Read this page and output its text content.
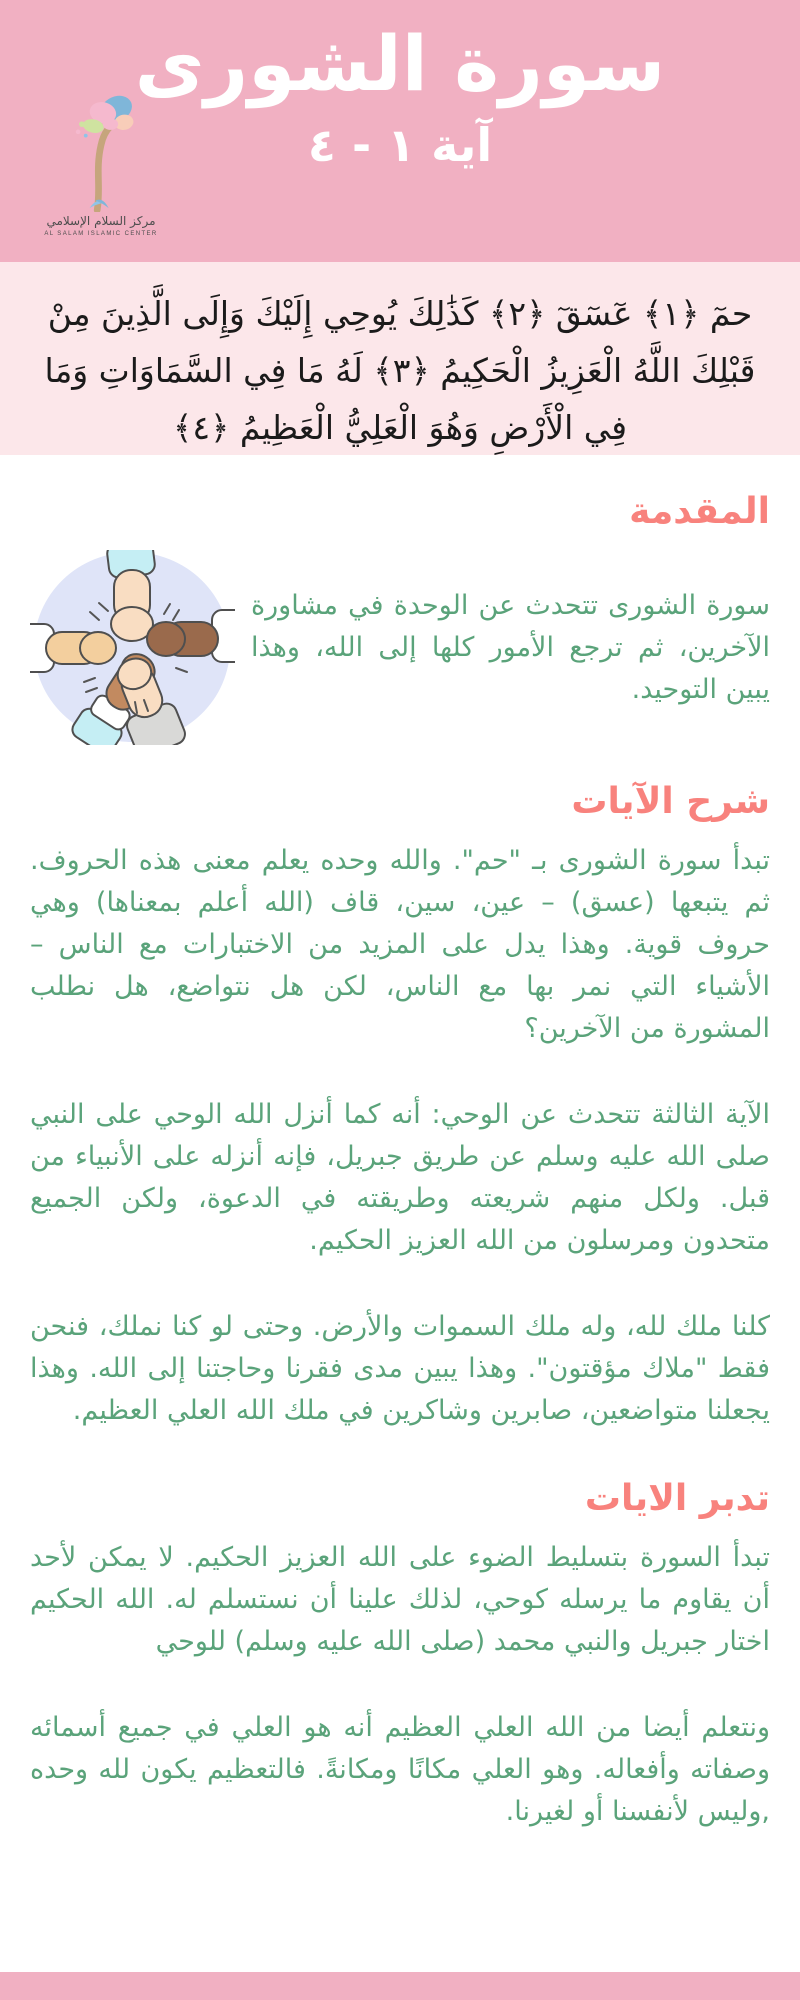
سورة الشورى
آية ١ - ٤
مركز السلام الإسلامي
AL SALAM ISLAMIC CENTER
حمٓ ﴿١﴾ عٓسٓقٓ ﴿٢﴾ كَذَٰلِكَ يُوحِي إِلَيْكَ وَإِلَى الَّذِينَ مِنْ قَبْلِكَ اللَّهُ الْعَزِيزُ الْحَكِيمُ ﴿٣﴾ لَهُ مَا فِي السَّمَاوَاتِ وَمَا فِي الْأَرْضِ وَهُوَ الْعَلِيُّ الْعَظِيمُ ﴿٤﴾
المقدمة

سورة الشورى تتحدث عن الوحدة في مشاورة الآخرين، ثم ترجع الأمور كلها إلى الله، وهذا يبين التوحيد.

شرح الآيات

تبدأ سورة الشورى بـ "حم". والله وحده يعلم معنى هذه الحروف. ثم يتبعها (عسق) – عين، سين، قاف (الله أعلم بمعناها) وهي حروف قوية. وهذا يدل على المزيد من الاختبارات مع الناس – الأشياء التي نمر بها مع الناس، لكن هل نتواضع، هل نطلب المشورة من الآخرين؟

الآية الثالثة تتحدث عن الوحي: أنه كما أنزل الله الوحي على النبي صلى الله عليه وسلم عن طريق جبريل، فإنه أنزله على الأنبياء من قبل. ولكل منهم شريعته وطريقته في الدعوة، ولكن الجميع متحدون ومرسلون من الله العزيز الحكيم.

كلنا ملك لله، وله ملك السموات والأرض. وحتى لو كنا نملك، فنحن فقط "ملاك مؤقتون". وهذا يبين مدى فقرنا وحاجتنا إلى الله. وهذا يجعلنا متواضعين، صابرين وشاكرين في ملك الله العلي العظيم.

تدبر الايات

تبدأ السورة بتسليط الضوء على الله العزيز الحكيم. لا يمكن لأحد أن يقاوم ما يرسله كوحي، لذلك علينا أن نستسلم له. الله الحكيم اختار جبريل والنبي محمد (صلى الله عليه وسلم) للوحي

ونتعلم أيضا من الله العلي العظيم أنه هو العلي في جميع أسمائه وصفاته وأفعاله. وهو العلي مكانًا ومكانةً. فالتعظيم يكون لله وحده ,وليس لأنفسنا أو لغيرنا.
